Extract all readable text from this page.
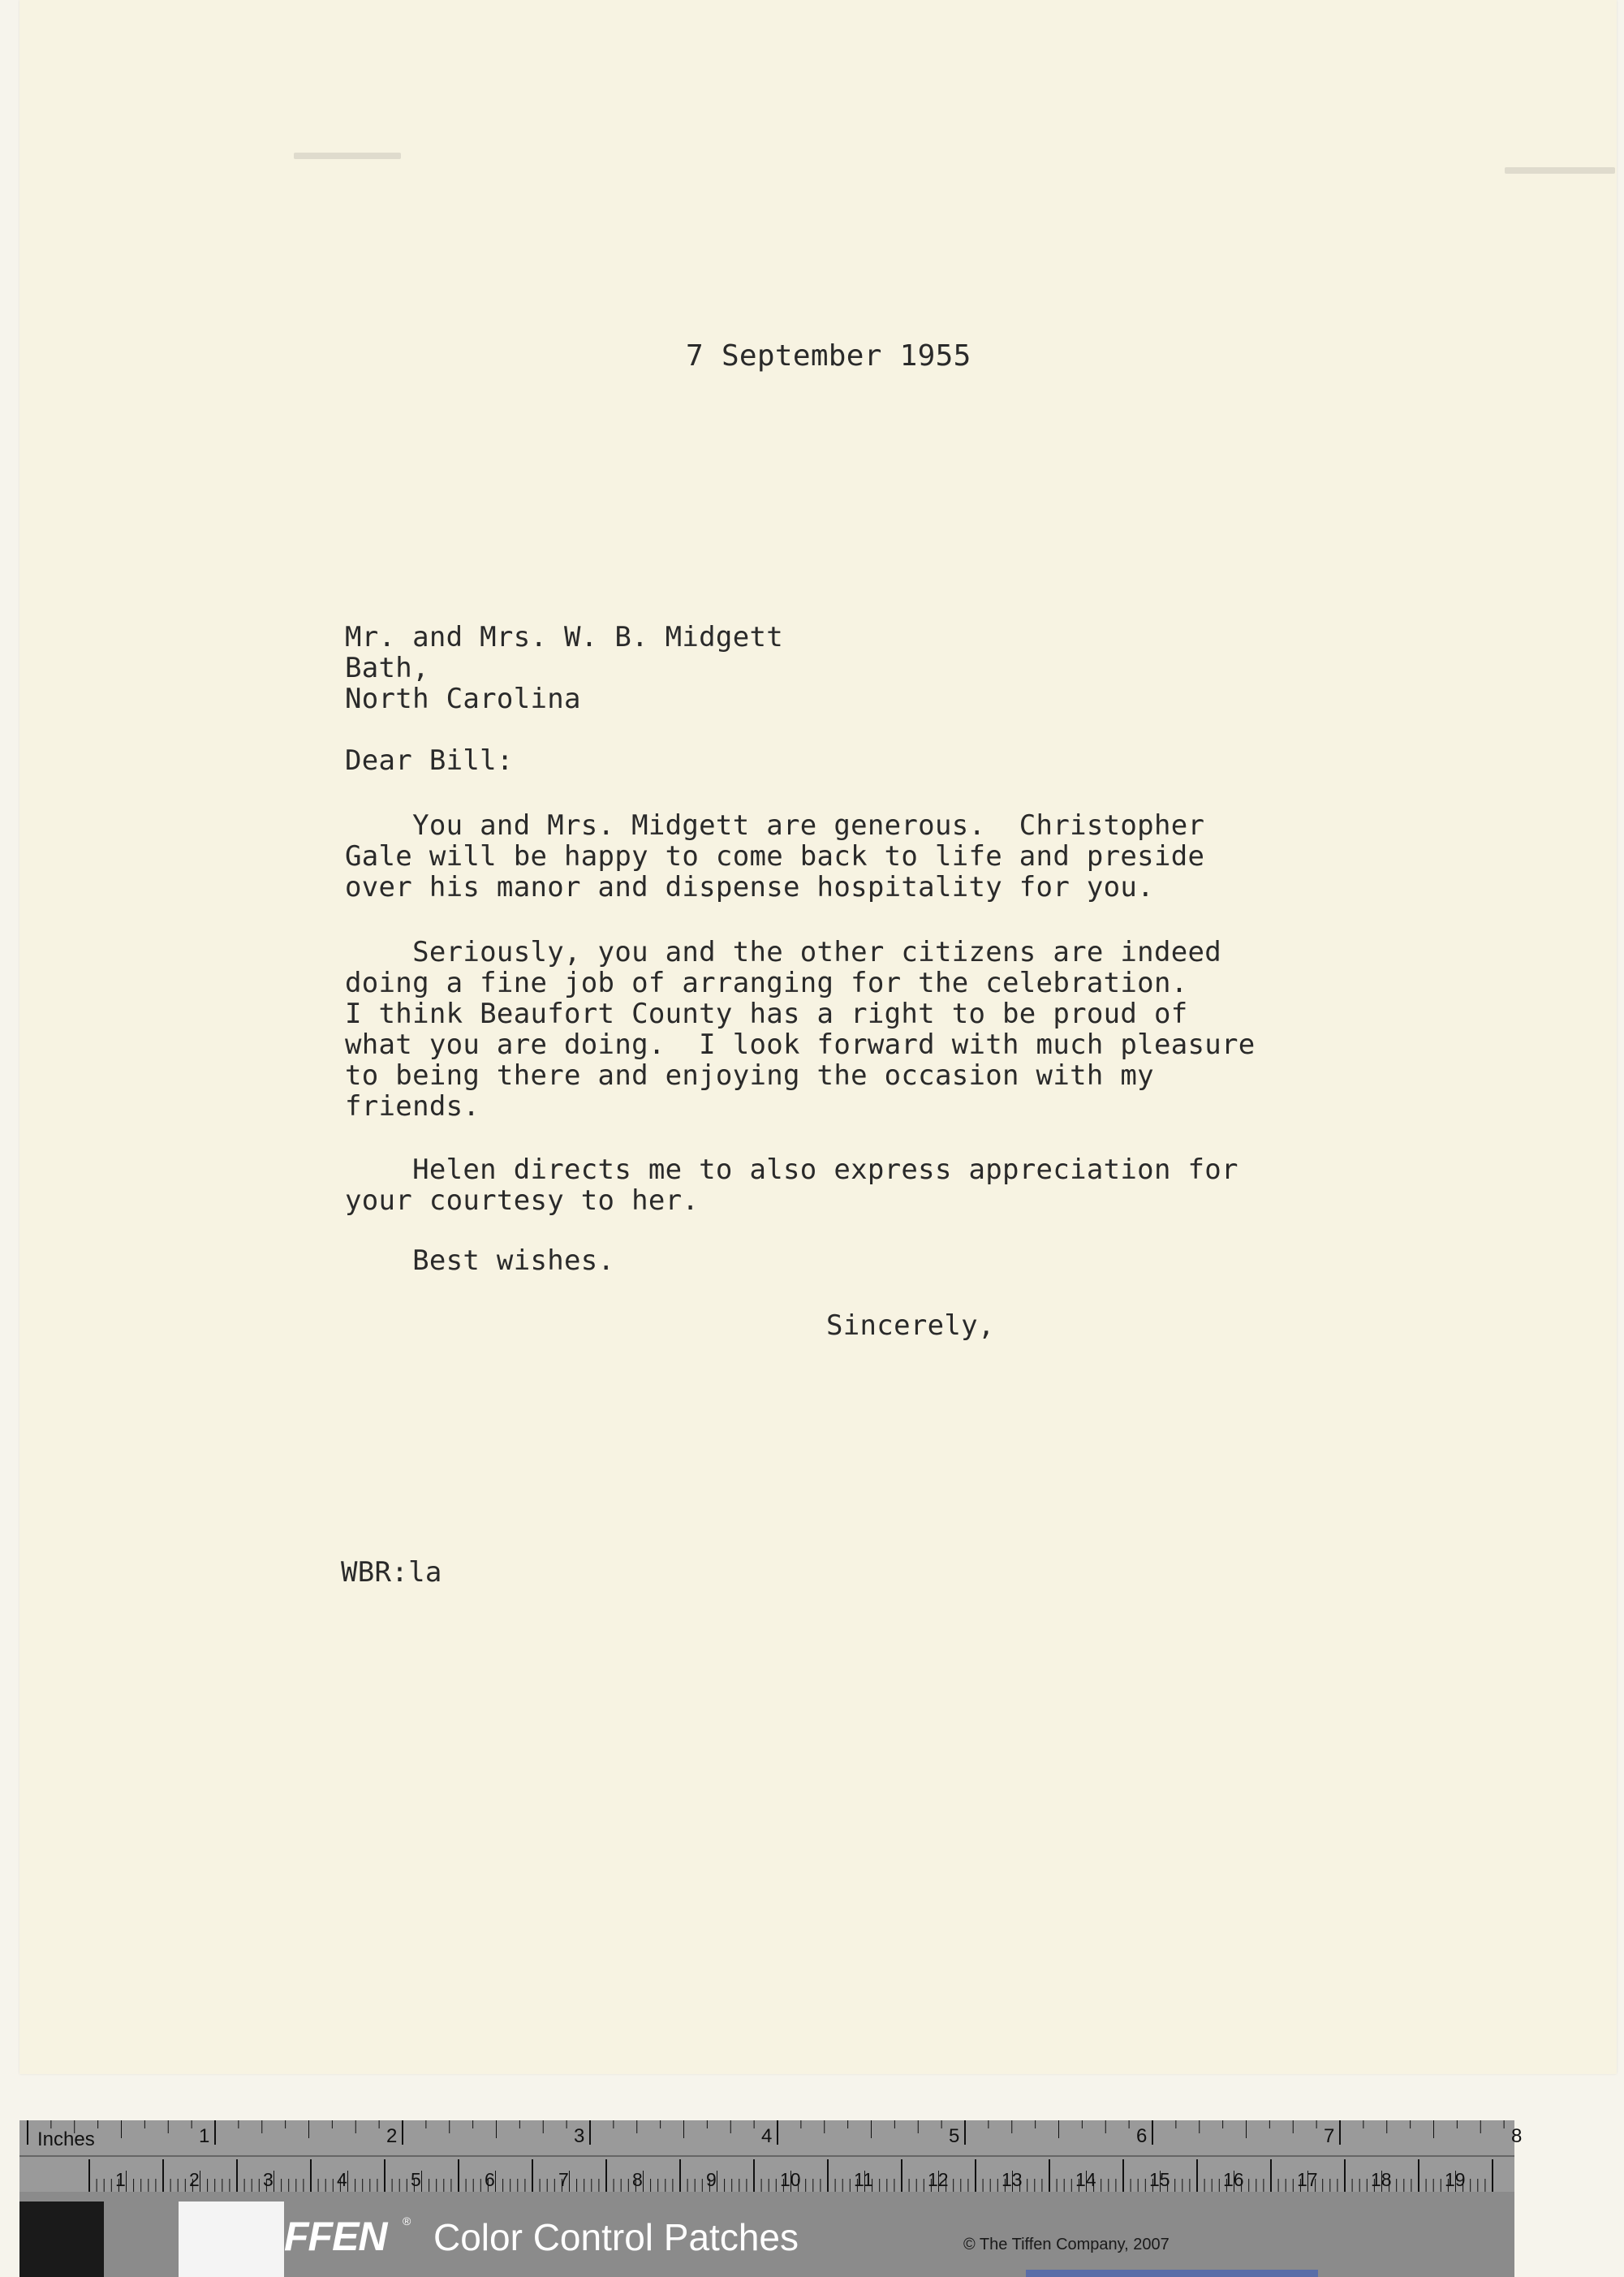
7 September 1955
Mr. and Mrs. W. B. Midgett
Bath,
North Carolina
Dear Bill:
You and Mrs. Midgett are generous.  Christopher
Gale will be happy to come back to life and preside
over his manor and dispense hospitality for you.
Seriously, you and the other citizens are indeed
doing a fine job of arranging for the celebration.
I think Beaufort County has a right to be proud of
what you are doing.  I look forward with much pleasure
to being there and enjoying the occasion with my
friends.
Helen directs me to also express appreciation for
your courtesy to her.
Best wishes.
Sincerely,
WBR:la
Inches	1	2	3	4	5	6	7	8
1	2	3	4	5	6	7	8	9	10	11	12	13	14	15	16	17	18	19
FFEN ® Color Control Patches	© The Tiffen Company, 2007
